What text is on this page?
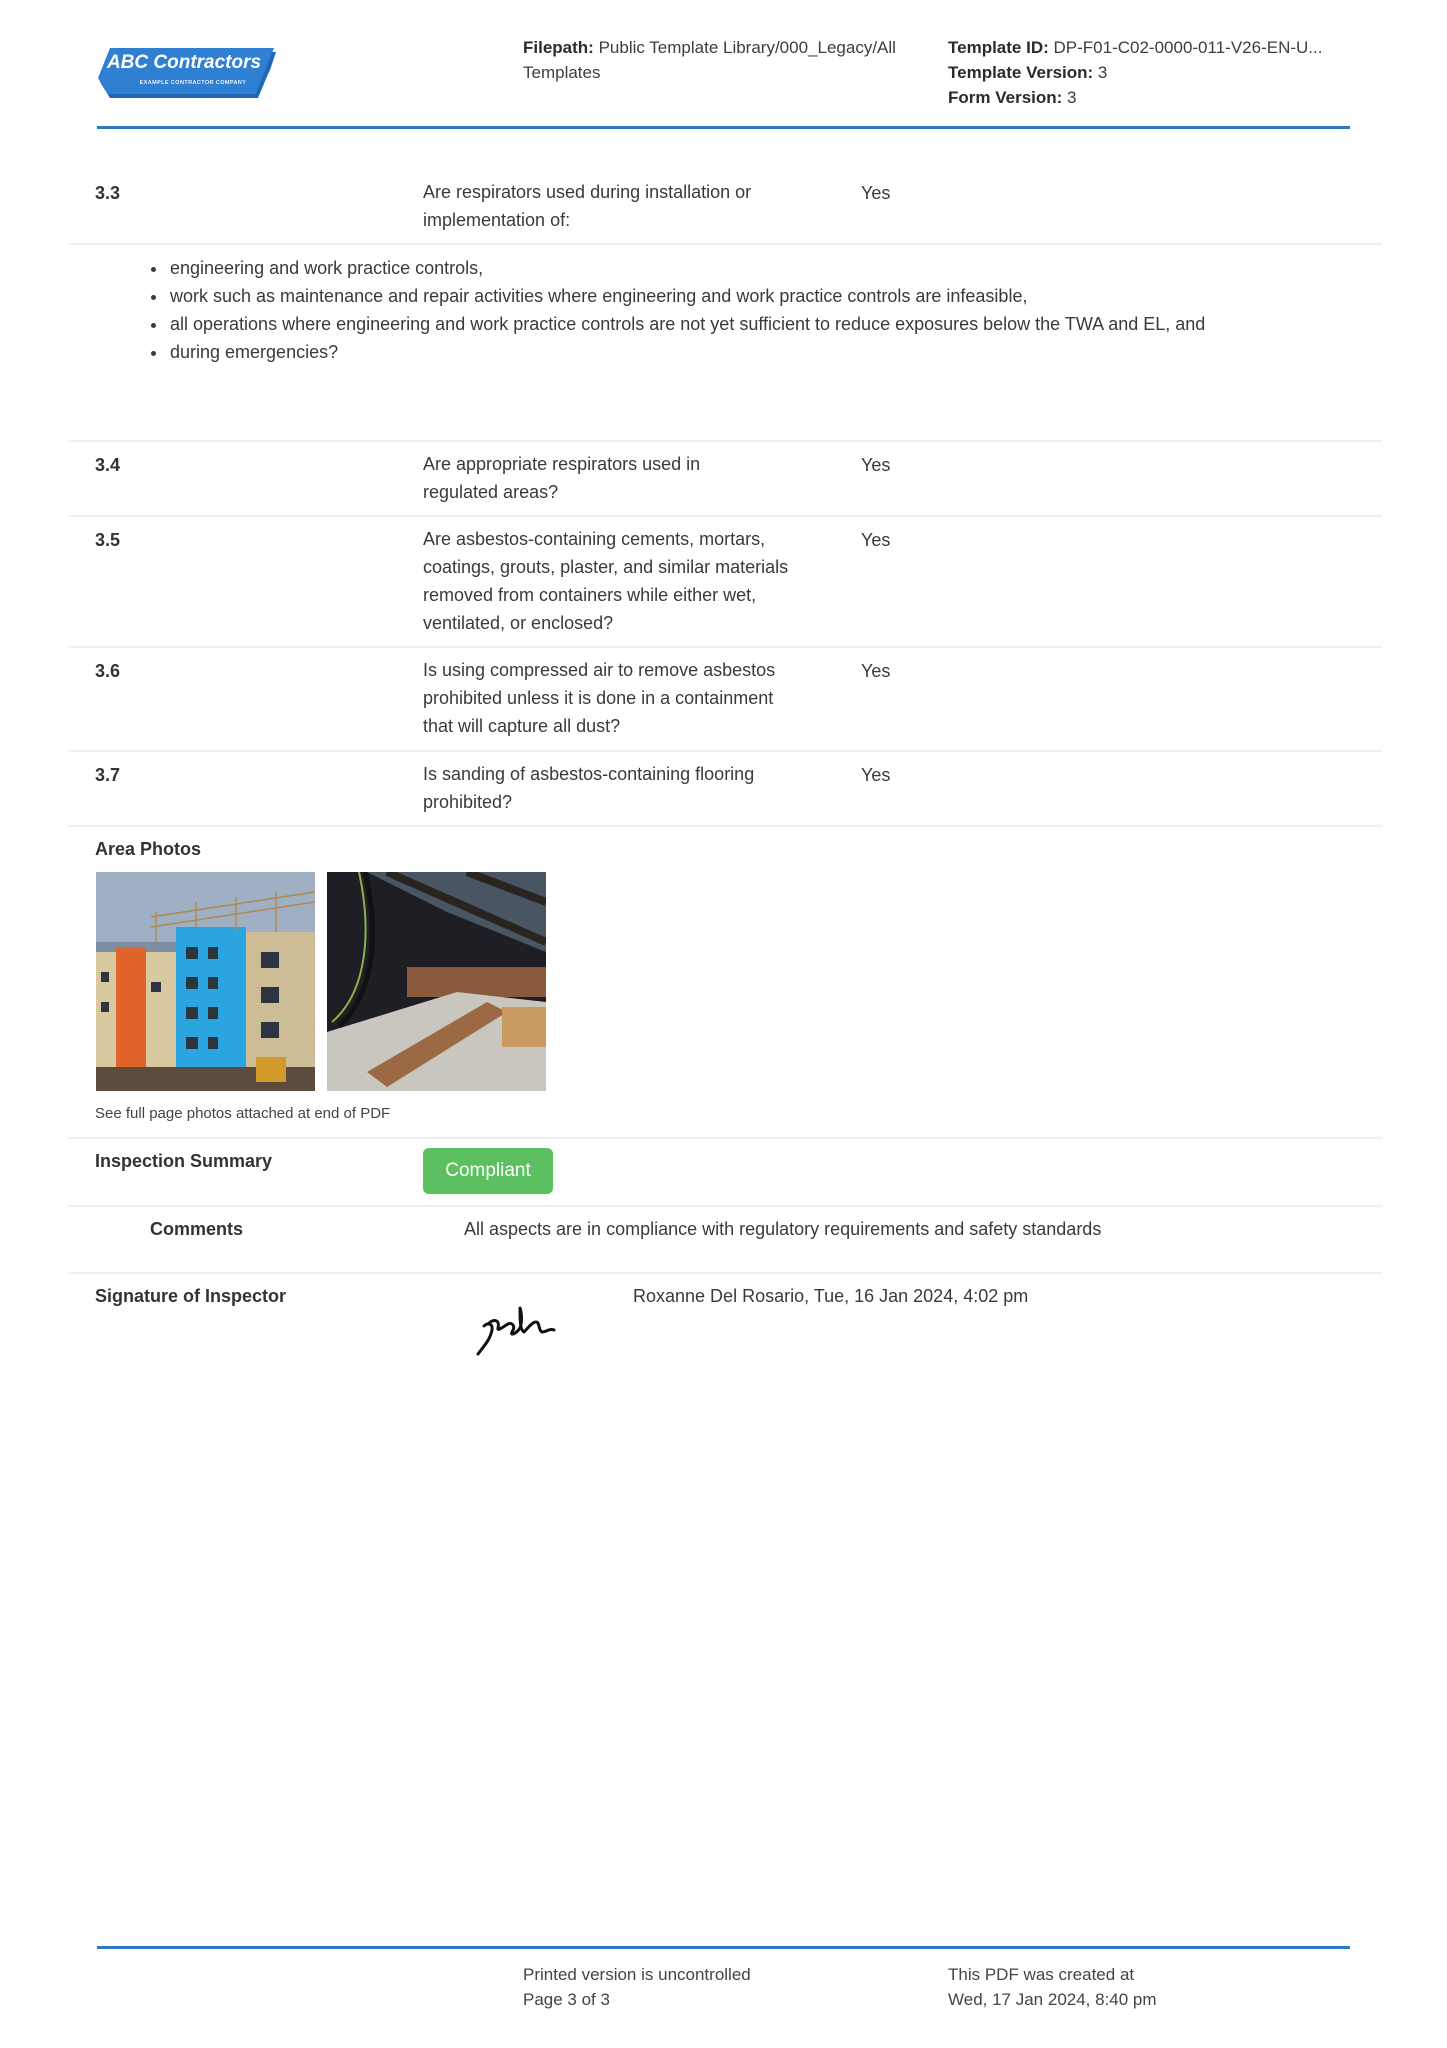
ABC Contractors
EXAMPLE CONTRACTOR COMPANY
Filepath: Public Template Library/000_Legacy/All Templates
Template ID: DP-F01-C02-0000-011-V26-EN-U...
Template Version: 3
Form Version: 3
3.3	Are respirators used during installation or implementation of:
Yes
• engineering and work practice controls,
• work such as maintenance and repair activities where engineering and work practice controls are infeasible,
• all operations where engineering and work practice controls are not yet sufficient to reduce exposures below the TWA and EL, and
• during emergencies?
3.4	Are appropriate respirators used in regulated areas?
Yes
3.5	Are asbestos-containing cements, mortars, coatings, grouts, plaster, and similar materials removed from containers while either wet, ventilated, or enclosed?
Yes
3.6	Is using compressed air to remove asbestos prohibited unless it is done in a containment that will capture all dust?
Yes
3.7	Is sanding of asbestos-containing flooring prohibited?
Yes
Area Photos
See full page photos attached at end of PDF
Inspection Summary	Compliant
Comments	All aspects are in compliance with regulatory requirements and safety standards
Signature of Inspector	Roxanne Del Rosario, Tue, 16 Jan 2024, 4:02 pm
Printed version is uncontrolled
Page 3 of 3
This PDF was created at
Wed, 17 Jan 2024, 8:40 pm
